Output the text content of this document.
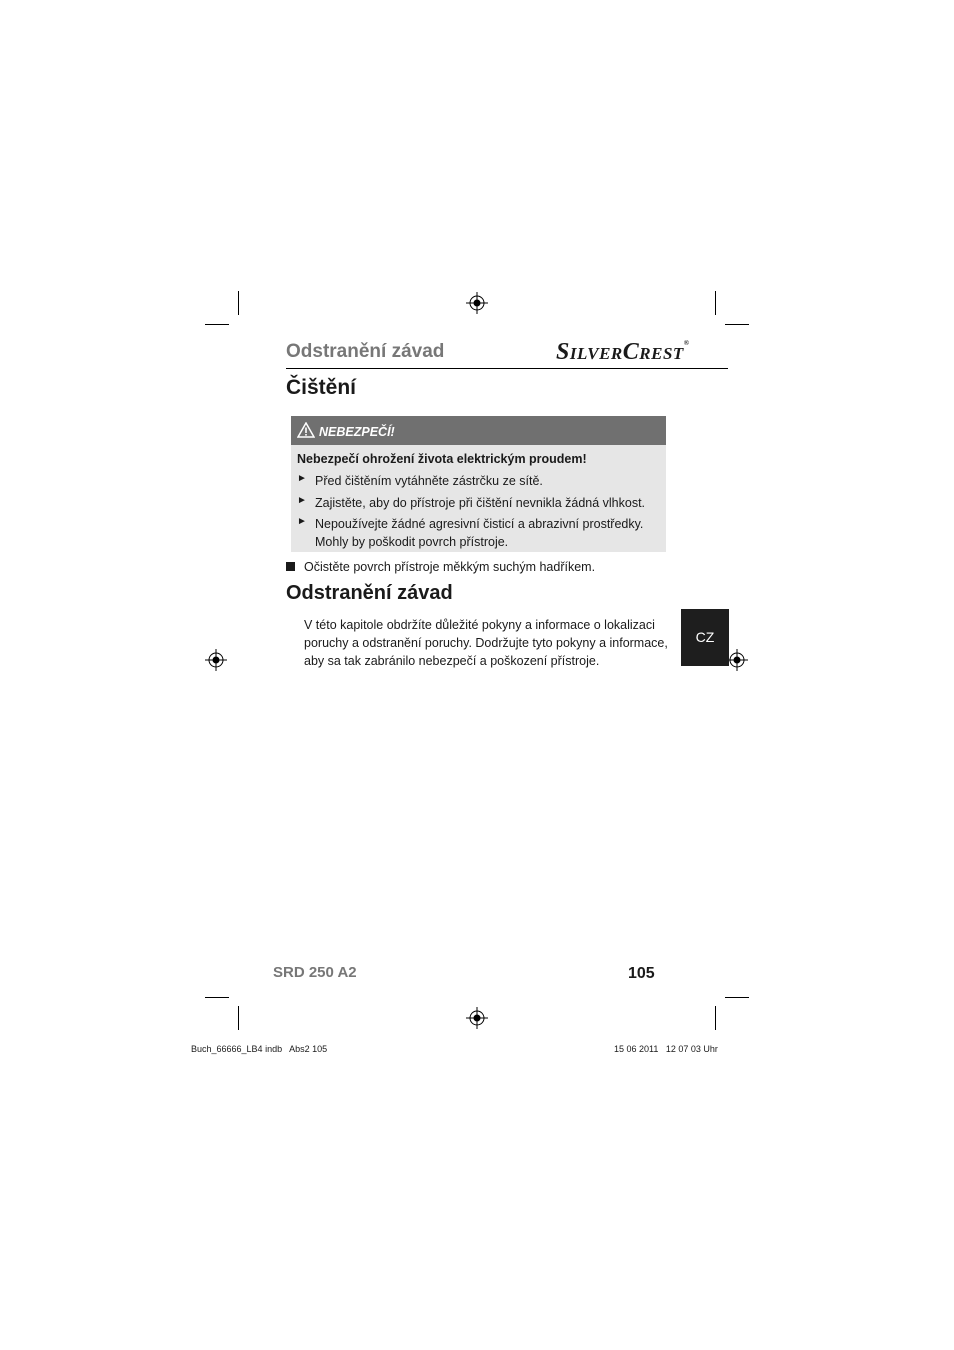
Odstranění závad	SILVERCREST®
Čištění
NEBEZPEČÍ!
Nebezpečí ohrožení života elektrickým proudem!
► Před čištěním vytáhněte zástrčku ze sítě.
► Zajistěte, aby do přístroje při čištění nevnikla žádná vlhkost.
► Nepoužívejte žádné agresivní čisticí a abrazivní prostředky. Mohly by poškodit povrch přístroje.
Očistěte povrch přístroje měkkým suchým hadříkem.
Odstranění závad
V této kapitole obdržíte důležité pokyny a informace o lokalizaci poruchy a odstranění poruchy. Dodržujte tyto pokyny a informace, aby sa tak zabránilo nebezpečí a poškození přístroje.
CZ
SRD 250 A2	105
Buch_66666_LB4 indb   Abs2 105	15 06 2011   12 07 03 Uhr
